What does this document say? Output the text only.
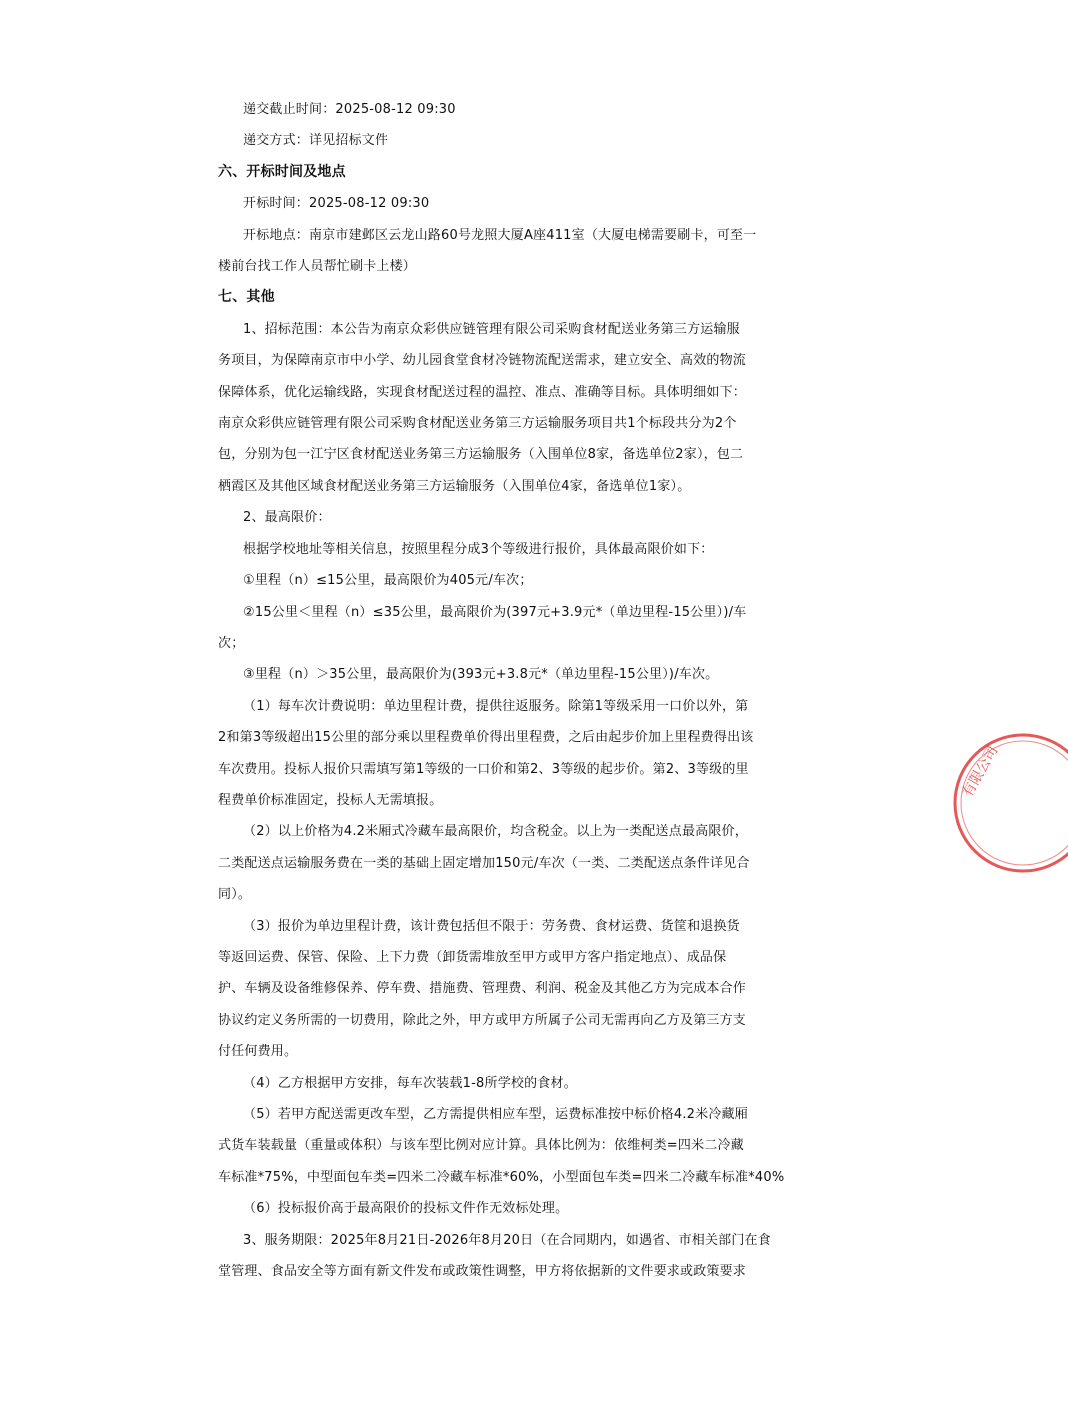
递交截止时间：2025-08-12 09:30
递交方式：详见招标文件
六、开标时间及地点
开标时间：2025-08-12 09:30
开标地点：南京市建邺区云龙山路60号龙照大厦A座411室（大厦电梯需要刷卡，可至一
楼前台找工作人员帮忙刷卡上楼）
七、其他
1、招标范围：本公告为南京众彩供应链管理有限公司采购食材配送业务第三方运输服
务项目，为保障南京市中小学、幼儿园食堂食材冷链物流配送需求，建立安全、高效的物流
保障体系，优化运输线路，实现食材配送过程的温控、准点、准确等目标。具体明细如下：
南京众彩供应链管理有限公司采购食材配送业务第三方运输服务项目共1个标段共分为2个
包，分别为包一江宁区食材配送业务第三方运输服务（入围单位8家，备选单位2家），包二
栖霞区及其他区域食材配送业务第三方运输服务（入围单位4家，备选单位1家）。
2、最高限价：
根据学校地址等相关信息，按照里程分成3个等级进行报价，具体最高限价如下：
①里程（n）≤15公里，最高限价为405元/车次；
②15公里＜里程（n）≤35公里，最高限价为(397元+3.9元*（单边里程-15公里）)/车
次；
③里程（n）＞35公里，最高限价为(393元+3.8元*（单边里程-15公里）)/车次。
（1）每车次计费说明：单边里程计费，提供往返服务。除第1等级采用一口价以外，第
2和第3等级超出15公里的部分乘以里程费单价得出里程费，之后由起步价加上里程费得出该
车次费用。投标人报价只需填写第1等级的一口价和第2、3等级的起步价。第2、3等级的里
程费单价标准固定，投标人无需填报。
（2）以上价格为4.2米厢式冷藏车最高限价，均含税金。以上为一类配送点最高限价，
二类配送点运输服务费在一类的基础上固定增加150元/车次（一类、二类配送点条件详见合
同）。
（3）报价为单边里程计费，该计费包括但不限于：劳务费、食材运费、货筐和退换货
等返回运费、保管、保险、上下力费（卸货需堆放至甲方或甲方客户指定地点）、成品保
护、车辆及设备维修保养、停车费、措施费、管理费、利润、税金及其他乙方为完成本合作
协议约定义务所需的一切费用，除此之外，甲方或甲方所属子公司无需再向乙方及第三方支
付任何费用。
（4）乙方根据甲方安排，每车次装载1-8所学校的食材。
（5）若甲方配送需更改车型，乙方需提供相应车型，运费标准按中标价格4.2米冷藏厢
式货车装载量（重量或体积）与该车型比例对应计算。具体比例为：依维柯类=四米二冷藏
车标准*75%，中型面包车类=四米二冷藏车标准*60%，小型面包车类=四米二冷藏车标准*40%
（6）投标报价高于最高限价的投标文件作无效标处理。
3、服务期限：2025年8月21日-2026年8月20日（在合同期内，如遇省、市相关部门在食
堂管理、食品安全等方面有新文件发布或政策性调整，甲方将依据新的文件要求或政策要求
有限公司
